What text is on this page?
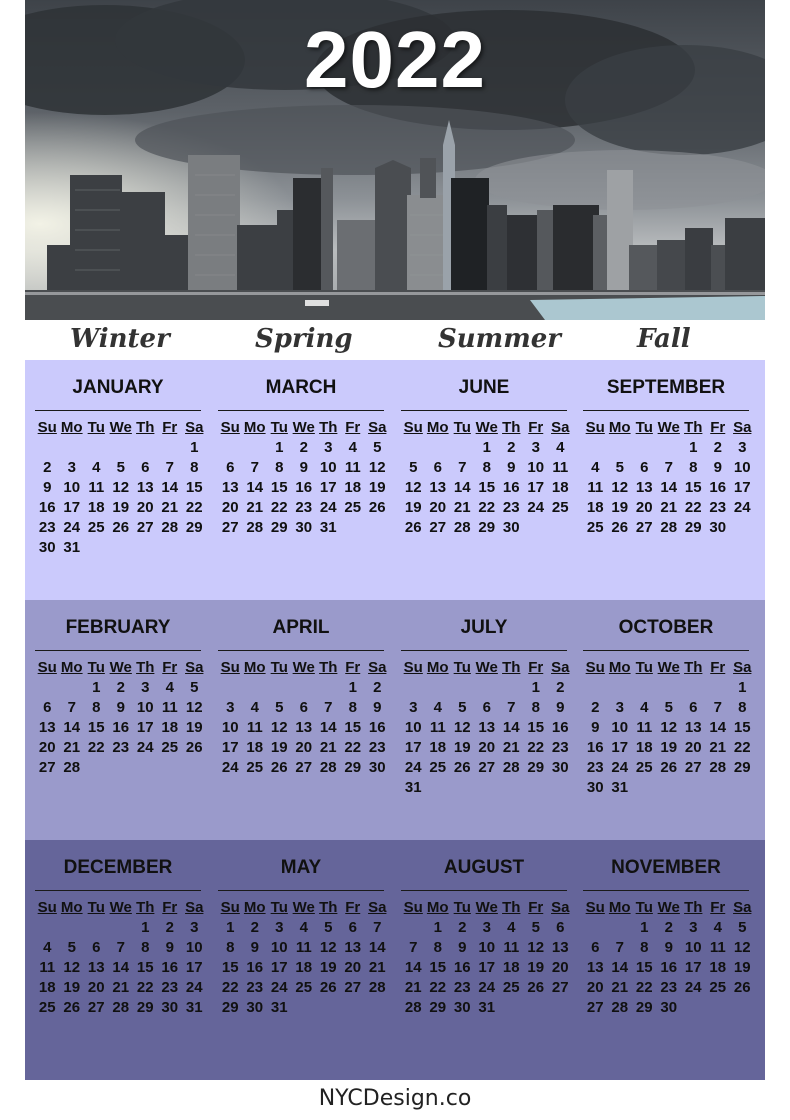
2022
Winter	Spring	Summer	Fall
JANUARY
Su	Mo	Tu	We	Th	Fr	Sa
						1
2	3	4	5	6	7	8
9	10	11	12	13	14	15
16	17	18	19	20	21	22
23	24	25	26	27	28	29
30	31					
MARCH
Su	Mo	Tu	We	Th	Fr	Sa
		1	2	3	4	5
6	7	8	9	10	11	12
13	14	15	16	17	18	19
20	21	22	23	24	25	26
27	28	29	30	31		
JUNE
Su	Mo	Tu	We	Th	Fr	Sa
			1	2	3	4
5	6	7	8	9	10	11
12	13	14	15	16	17	18
19	20	21	22	23	24	25
26	27	28	29	30		
SEPTEMBER
Su	Mo	Tu	We	Th	Fr	Sa
				1	2	3
4	5	6	7	8	9	10
11	12	13	14	15	16	17
18	19	20	21	22	23	24
25	26	27	28	29	30	
FEBRUARY
Su	Mo	Tu	We	Th	Fr	Sa
		1	2	3	4	5
6	7	8	9	10	11	12
13	14	15	16	17	18	19
20	21	22	23	24	25	26
27	28					
APRIL
Su	Mo	Tu	We	Th	Fr	Sa
					1	2
3	4	5	6	7	8	9
10	11	12	13	14	15	16
17	18	19	20	21	22	23
24	25	26	27	28	29	30
JULY
Su	Mo	Tu	We	Th	Fr	Sa
					1	2
3	4	5	6	7	8	9
10	11	12	13	14	15	16
17	18	19	20	21	22	23
24	25	26	27	28	29	30
31						
OCTOBER
Su	Mo	Tu	We	Th	Fr	Sa
						1
2	3	4	5	6	7	8
9	10	11	12	13	14	15
16	17	18	19	20	21	22
23	24	25	26	27	28	29
30	31					
DECEMBER
Su	Mo	Tu	We	Th	Fr	Sa
				1	2	3
4	5	6	7	8	9	10
11	12	13	14	15	16	17
18	19	20	21	22	23	24
25	26	27	28	29	30	31
MAY
Su	Mo	Tu	We	Th	Fr	Sa
1	2	3	4	5	6	7
8	9	10	11	12	13	14
15	16	17	18	19	20	21
22	23	24	25	26	27	28
29	30	31				
AUGUST
Su	Mo	Tu	We	Th	Fr	Sa
	1	2	3	4	5	6
7	8	9	10	11	12	13
14	15	16	17	18	19	20
21	22	23	24	25	26	27
28	29	30	31			
NOVEMBER
Su	Mo	Tu	We	Th	Fr	Sa
		1	2	3	4	5
6	7	8	9	10	11	12
13	14	15	16	17	18	19
20	21	22	23	24	25	26
27	28	29	30			
NYCDesign.co
